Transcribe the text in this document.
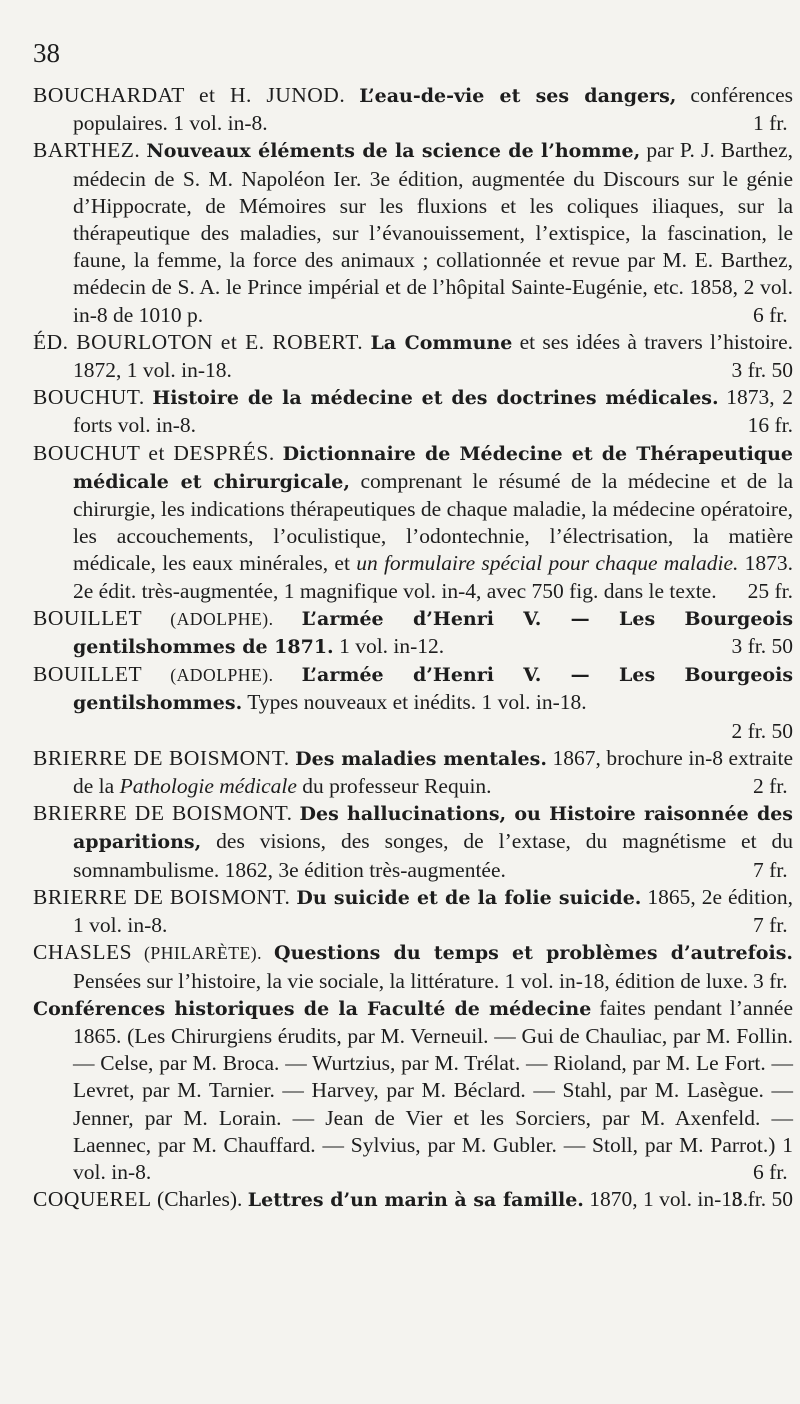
38
BOUCHARDAT et H. JUNOD. L’eau-de-vie et ses dangers, conférences populaires. 1 vol. in-8.	1 fr.
BARTHEZ. Nouveaux éléments de la science de l’homme, par P. J. Barthez, médecin de S. M. Napoléon Ier. 3e édition, augmentée du Discours sur le génie d’Hippocrate, de Mémoires sur les fluxions et les coliques iliaques, sur la thérapeutique des maladies, sur l’évanouissement, l’extispice, la fascination, le faune, la femme, la force des animaux ; collationnée et revue par M. E. Barthez, médecin de S. A. le Prince impérial et de l’hôpital Sainte-Eugénie, etc. 1858, 2 vol. in-8 de 1010 p.	6 fr.
ÉD. BOURLOTON et E. ROBERT. La Commune et ses idées à travers l’histoire. 1872, 1 vol. in-18.	3 fr. 50
BOUCHUT. Histoire de la médecine et des doctrines médicales. 1873, 2 forts vol. in-8.	16 fr.
BOUCHUT et DESPRÉS. Dictionnaire de Médecine et de Thérapeutique médicale et chirurgicale, comprenant le résumé de la médecine et de la chirurgie, les indications thérapeutiques de chaque maladie, la médecine opératoire, les accouchements, l’oculistique, l’odontechnie, l’électrisation, la matière médicale, les eaux minérales, et un formulaire spécial pour chaque maladie. 1873. 2e édit. très-augmentée, 1 magnifique vol. in-4, avec 750 fig. dans le texte. 25 fr.
BOUILLET (ADOLPHE). L’armée d’Henri V. — Les Bourgeois gentilshommes de 1871. 1 vol. in-12.	3 fr. 50
BOUILLET (ADOLPHE). L’armée d’Henri V. — Les Bourgeois gentilshommes. Types nouveaux et inédits. 1 vol. in-18.
2 fr. 50
BRIERRE DE BOISMONT. Des maladies mentales. 1867, brochure in-8 extraite de la Pathologie médicale du professeur Requin.	2 fr.
BRIERRE DE BOISMONT. Des hallucinations, ou Histoire raisonnée des apparitions, des visions, des songes, de l’extase, du magnétisme et du somnambulisme. 1862, 3e édition très-augmentée.	7 fr.
BRIERRE DE BOISMONT. Du suicide et de la folie suicide. 1865, 2e édition, 1 vol. in-8.	7 fr.
CHASLES (PHILARÈTE). Questions du temps et problèmes d’autrefois. Pensées sur l’histoire, la vie sociale, la littérature. 1 vol. in-18, édition de luxe. 3 fr.
Conférences historiques de la Faculté de médecine faites pendant l’année 1865. (Les Chirurgiens érudits, par M. Verneuil. — Gui de Chauliac, par M. Follin. — Celse, par M. Broca. — Wurtzius, par M. Trélat. — Rioland, par M. Le Fort. — Levret, par M. Tarnier. — Harvey, par M. Béclard. — Stahl, par M. Lasègue. — Jenner, par M. Lorain. — Jean de Vier et les Sorciers, par M. Axenfeld. — Laennec, par M. Chauffard. — Sylvius, par M. Gubler. — Stoll, par M. Parrot.) 1 vol. in-8.	6 fr.
COQUEREL (Charles). Lettres d’un marin à sa famille. 1870, 1 vol. in-18.
3 fr. 50
